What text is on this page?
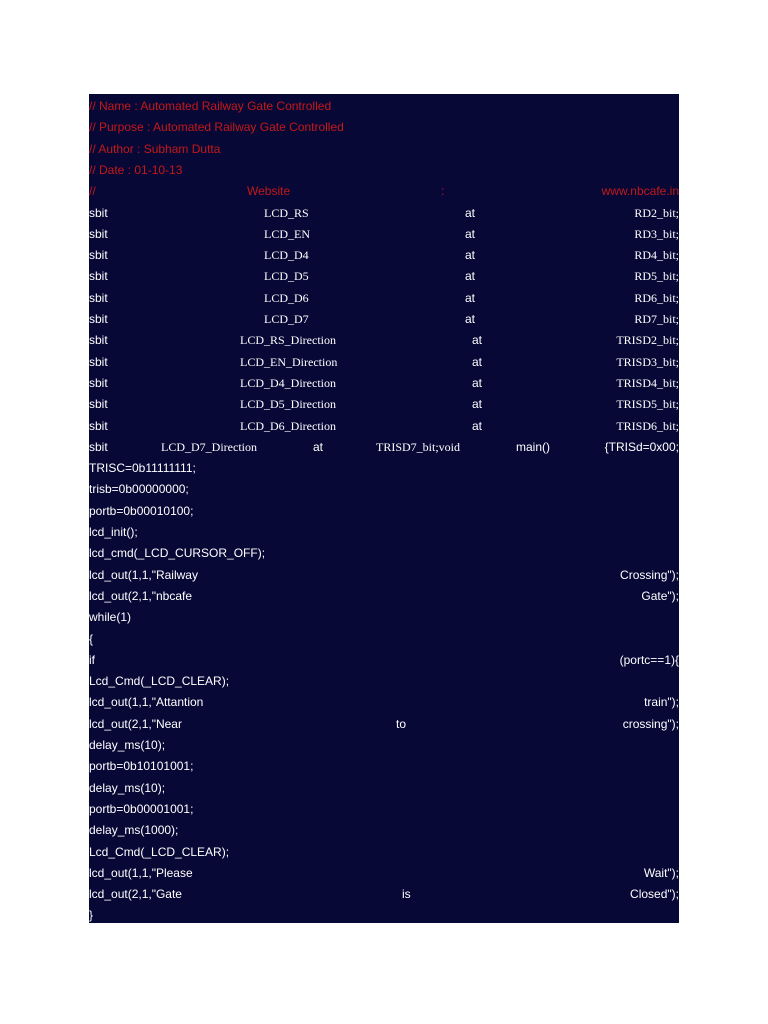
// Name : Automated Railway Gate Controlled
// Purpose : Automated Railway Gate Controlled
// Author : Subham Dutta
// Date : 01-10-13
//	Website	:	www.nbcafe.in
sbit	LCD_RS	at	RD2_bit;
sbit	LCD_EN	at	RD3_bit;
sbit	LCD_D4	at	RD4_bit;
sbit	LCD_D5	at	RD5_bit;
sbit	LCD_D6	at	RD6_bit;
sbit	LCD_D7	at	RD7_bit;
sbit	LCD_RS_Direction	at	TRISD2_bit;
sbit	LCD_EN_Direction	at	TRISD3_bit;
sbit	LCD_D4_Direction	at	TRISD4_bit;
sbit	LCD_D5_Direction	at	TRISD5_bit;
sbit	LCD_D6_Direction	at	TRISD6_bit;
sbit	LCD_D7_Direction	at	TRISD7_bit;void	main()	{TRISd=0x00;
TRISC=0b11111111;
trisb=0b00000000;
portb=0b00010100;
lcd_init();
lcd_cmd(_LCD_CURSOR_OFF);
lcd_out(1,1,"Railway	Crossing");
lcd_out(2,1,"nbcafe	Gate");
while(1)
{
if	(portc==1){
Lcd_Cmd(_LCD_CLEAR);
lcd_out(1,1,"Attantion	train");
lcd_out(2,1,"Near	to	crossing");
delay_ms(10);
portb=0b10101001;
delay_ms(10);
portb=0b00001001;
delay_ms(1000);
Lcd_Cmd(_LCD_CLEAR);
lcd_out(1,1,"Please	Wait");
lcd_out(2,1,"Gate	is	Closed");
}
